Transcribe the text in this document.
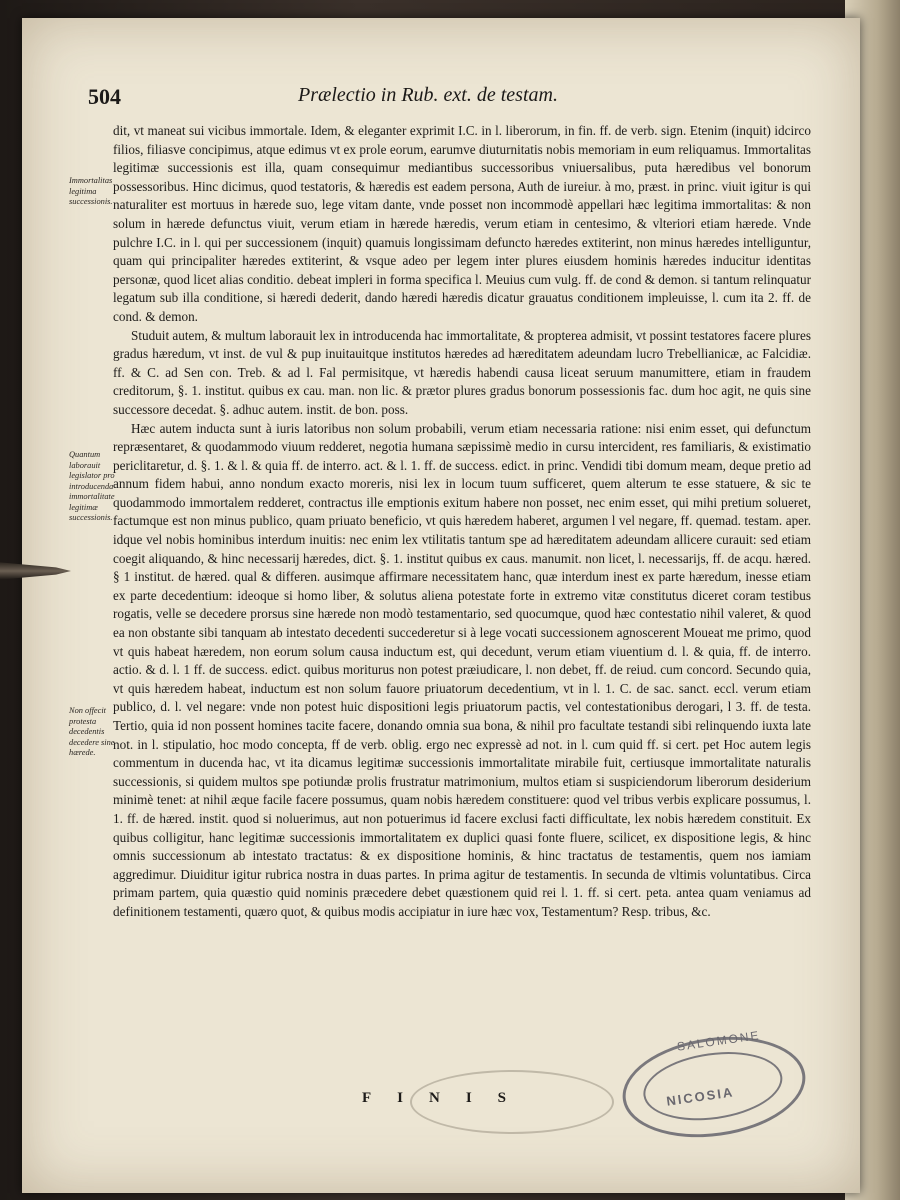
504	Prælectio in Rub. ext. de testam.
Immortalitas legitima successionis.
Quantum laborauit legislator pro introducenda immortalitate legitimæ successionis.
Non offecit protesta decedentis decedere sine hærede.

dit, vt maneat sui vicibus immortale. Idem, & eleganter exprimit I.C. in l. liberorum, in fin. ff. de verb. sign. Etenim (inquit) idcirco filios, filiasve concipimus, atque edimus vt ex prole eorum, earumve diuturnitatis nobis memoriam in eum reliquamus. Immortalitas legitimæ successionis est illa, quam consequimur mediantibus successoribus vniuersalibus, puta hæredibus vel bonorum possessoribus. Hinc dicimus, quod testatoris, & hæredis est eadem persona, Auth de iureiur. à mo, præst. in princ. viuit igitur is qui naturaliter est mortuus in hærede suo, lege vitam dante, vnde posset non incommodè appellari hæc legitima immortalitas: & non solum in hærede defunctus viuit, verum etiam in hærede hæredis, verum etiam in centesimo, & vlteriori etiam hærede. Vnde pulchre I.C. in l. qui per successionem (inquit) quamuis longissimam defuncto hæredes extiterint, non minus hæredes intelliguntur, quam qui principaliter hæredes extiterint, & vsque adeo per legem inter plures eiusdem hominis hæredes inducitur identitas personæ, quod licet alias conditio. debeat impleri in forma specifica l. Meuius cum vulg. ff. de cond & demon. si tantum relinquatur legatum sub illa conditione, si hæredi dederit, dando hæredi hæredis dicatur grauatus conditionem impleuisse, l. cum ita 2. ff. de cond. & demon.

Studuit autem, & multum laborauit lex in introducenda hac immortalitate, & propterea admisit, vt possint testatores facere plures gradus hæredum, vt inst. de vul & pup inuitauitque institutos hæredes ad hæreditatem adeundam lucro Trebellianicæ, ac Falcidiæ. ff. & C. ad Sen con. Treb. & ad l. Fal permisitque, vt hæredis habendi causa liceat seruum manumittere, etiam in fraudem creditorum, §. 1. institut. quibus ex cau. man. non lic. & prætor plures gradus bonorum possessionis fac. dum hoc agit, ne quis sine successore decedat. §. adhuc autem. instit. de bon. poss.

Hæc autem inducta sunt à iuris latoribus non solum probabili, verum etiam necessaria ratione: nisi enim esset, qui defunctum repræsentaret, & quodammodo viuum redderet, negotia humana sæpissimè medio in cursu intercident, res familiaris, & existimatio periclitaretur, d. §. 1. & l. & quia ff. de interro. act. & l. 1. ff. de success. edict. in princ. Vendidi tibi domum meam, deque pretio ad annum fidem habui, anno nondum exacto moreris, nisi lex in locum tuum sufficeret, quem alterum te esse statuere, & sic te quodammodo immortalem redderet, contractus ille emptionis exitum habere non posset, nec enim esset, qui mihi pretium solueret, factumque est non minus publico, quam priuato beneficio, vt quis hæredem haberet, argumen l vel negare, ff. quemad. testam. aper. idque vel nobis hominibus interdum inuitis: nec enim lex vtilitatis tantum spe ad hæreditatem adeundam allicere curauit: sed etiam coegit aliquando, & hinc necessarij hæredes, dict. §. 1. institut quibus ex caus. manumit. non licet, l. necessarijs, ff. de acqu. hæred. § 1 institut. de hæred. qual & differen. ausimque affirmare necessitatem hanc, quæ interdum inest ex parte hæredum, inesse etiam ex parte decedentium: ideoque si homo liber, & solutus aliena potestate forte in extremo vitæ constitutus diceret coram testibus rogatis, velle se decedere prorsus sine hærede non modò testamentario, sed quocumque, quod hæc contestatio nihil valeret, & quod ea non obstante sibi tanquam ab intestato decedenti succederetur si à lege vocati successionem agnoscerent Moueat me primo, quod vt quis habeat hæredem, non eorum solum causa inductum est, qui decedunt, verum etiam viuentium d. l. & quia, ff. de interro. actio. & d. l. 1 ff. de success. edict. quibus moriturus non potest præiudicare, l. non debet, ff. de reiud. cum concord. Secundo quia, vt quis hæredem habeat, inductum est non solum fauore priuatorum decedentium, vt in l. 1. C. de sac. sanct. eccl. verum etiam publico, d. l. vel negare: vnde non potest huic dispositioni legis priuatorum pactis, vel contestationibus derogari, l 3. ff. de testa. Tertio, quia id non possent homines tacite facere, donando omnia sua bona, & nihil pro facultate testandi sibi relinquendo iuxta late not. in l. stipulatio, hoc modo concepta, ff de verb. oblig. ergo nec expressè ad not. in l. cum quid ff. si cert. pet Hoc autem legis commentum in ducenda hac, vt ita dicamus legitimæ successionis immortalitate mirabile fuit, certiusque immortalitate naturalis successionis, si quidem multos spe potiundæ prolis frustratur matrimonium, multos etiam si suspiciendorum liberorum desiderium minimè tenet: at nihil æque facile facere possumus, quam nobis hæredem constituere: quod vel tribus verbis explicare possumus, l. 1. ff. de hæred. instit. quod si noluerimus, aut non potuerimus id facere exclusi facti difficultate, lex nobis hæredem constituit. Ex quibus colligitur, hanc legitimæ successionis immortalitatem ex duplici quasi fonte fluere, scilicet, ex dispositione legis, & hinc omnis successionum ab intestato tractatus: & ex dispositione hominis, & hinc tractatus de testamentis, quem nos iamiam aggredimur. Diuiditur igitur rubrica nostra in duas partes. In prima agitur de testamentis. In secunda de vltimis voluntatibus. Circa primam partem, quia quæstio quid nominis præcedere debet quæstionem quid rei l. 1. ff. si cert. peta. antea quam veniamus ad definitionem testamenti, quæro quot, & quibus modis accipiatur in iure hæc vox, Testamentum? Resp. tribus, &c.

FINIS
SALOMONE
NICOSIA
